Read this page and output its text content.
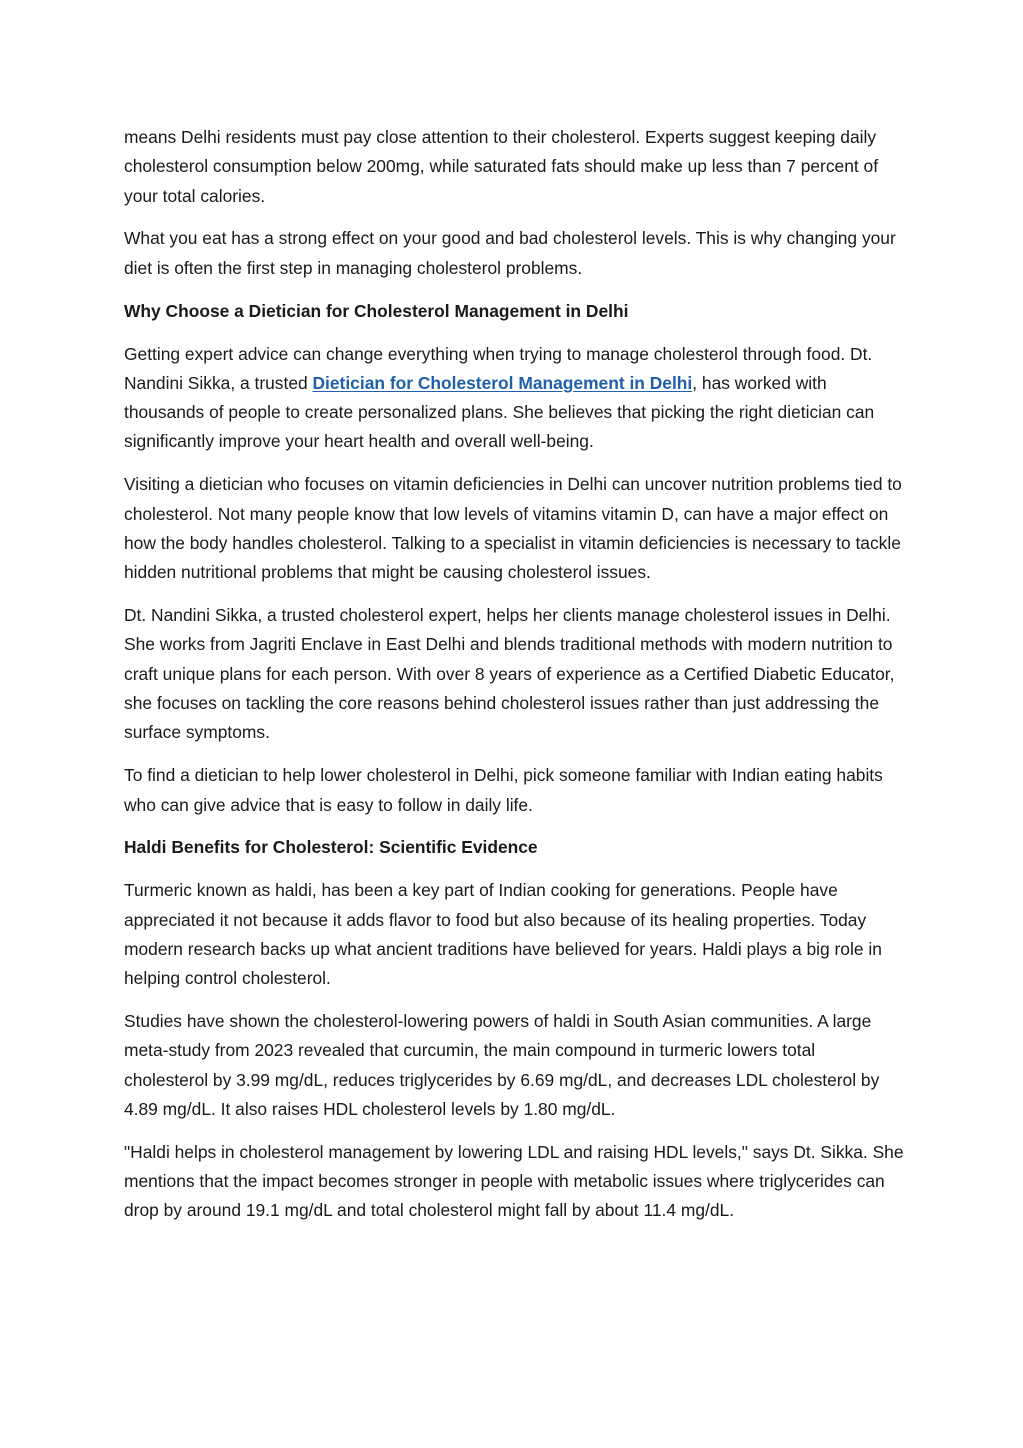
means Delhi residents must pay close attention to their cholesterol. Experts suggest keeping daily cholesterol consumption below 200mg, while saturated fats should make up less than 7 percent of your total calories.

What you eat has a strong effect on your good and bad cholesterol levels. This is why changing your diet is often the first step in managing cholesterol problems.

Why Choose a Dietician for Cholesterol Management in Delhi

Getting expert advice can change everything when trying to manage cholesterol through food. Dt. Nandini Sikka, a trusted Dietician for Cholesterol Management in Delhi, has worked with thousands of people to create personalized plans. She believes that picking the right dietician can significantly improve your heart health and overall well-being.

Visiting a dietician who focuses on vitamin deficiencies in Delhi can uncover nutrition problems tied to cholesterol. Not many people know that low levels of vitamins vitamin D, can have a major effect on how the body handles cholesterol. Talking to a specialist in vitamin deficiencies is necessary to tackle hidden nutritional problems that might be causing cholesterol issues.

Dt. Nandini Sikka, a trusted cholesterol expert, helps her clients manage cholesterol issues in Delhi. She works from Jagriti Enclave in East Delhi and blends traditional methods with modern nutrition to craft unique plans for each person. With over 8 years of experience as a Certified Diabetic Educator, she focuses on tackling the core reasons behind cholesterol issues rather than just addressing the surface symptoms.

To find a dietician to help lower cholesterol in Delhi, pick someone familiar with Indian eating habits who can give advice that is easy to follow in daily life.

Haldi Benefits for Cholesterol: Scientific Evidence

Turmeric known as haldi, has been a key part of Indian cooking for generations. People have appreciated it not because it adds flavor to food but also because of its healing properties. Today modern research backs up what ancient traditions have believed for years. Haldi plays a big role in helping control cholesterol.

Studies have shown the cholesterol-lowering powers of haldi in South Asian communities. A large meta-study from 2023 revealed that curcumin, the main compound in turmeric lowers total cholesterol by 3.99 mg/dL, reduces triglycerides by 6.69 mg/dL, and decreases LDL cholesterol by 4.89 mg/dL. It also raises HDL cholesterol levels by 1.80 mg/dL.

"Haldi helps in cholesterol management by lowering LDL and raising HDL levels," says Dt. Sikka. She mentions that the impact becomes stronger in people with metabolic issues where triglycerides can drop by around 19.1 mg/dL and total cholesterol might fall by about 11.4 mg/dL.
